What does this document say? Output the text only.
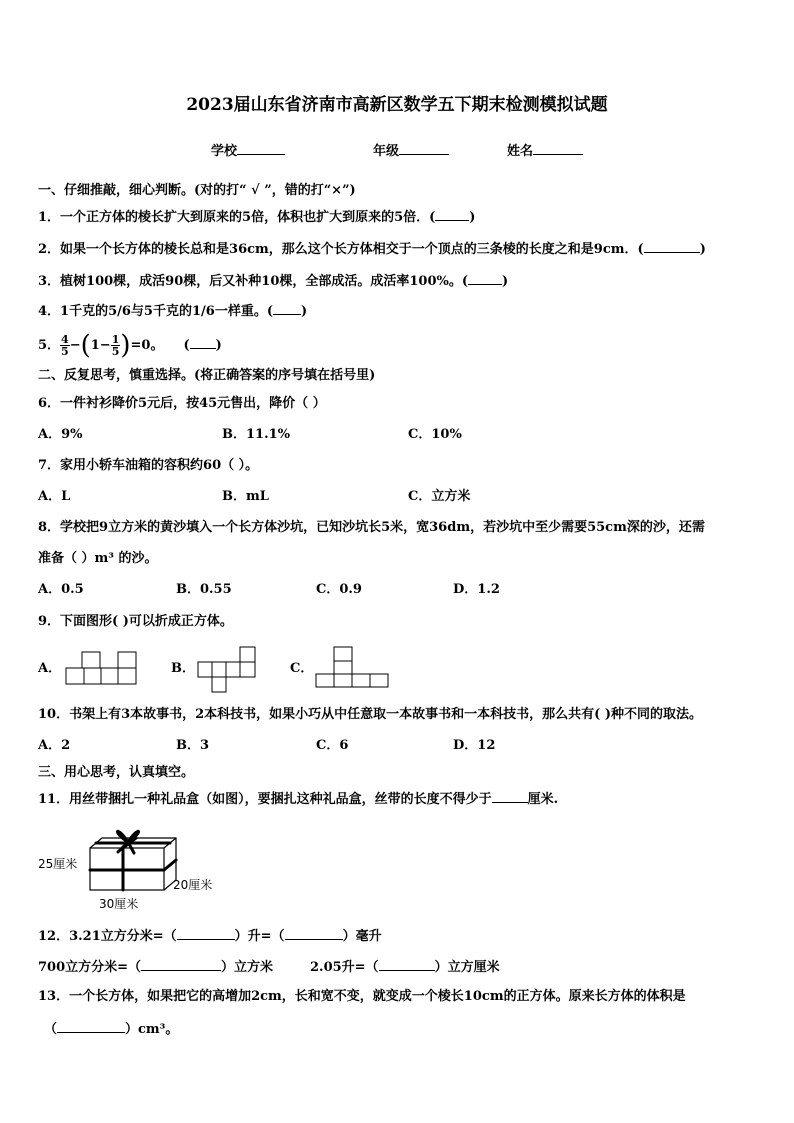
2023届山东省济南市高新区数学五下期末检测模拟试题
学校	年级	姓名
一、仔细推敲，细心判断。(对的打“ √ ”，错的打“×”)
1．一个正方体的棱长扩大到原来的5倍，体积也扩大到原来的5倍．(	)
2．如果一个长方体的棱长总和是36cm，那么这个长方体相交于一个顶点的三条棱的长度之和是9cm．(	)
3．植树100棵，成活90棵，后又补种10棵，全部成活。成活率100%。(	)
4．1千克的5/6与5千克的1/6一样重。( )
5． $\frac{4}{5} -(1- \frac{1}{5} )=0$。 ( )
二、反复思考，慎重选择。(将正确答案的序号填在括号里)
6．一件衬衫降价5元后，按45元售出，降价（ ）
A．9%	B．11.1%	C．10%
7．家用小轿车油箱的容积约60（ ）。
A．L	B．mL	C．立方米
8．学校把9立方米的黄沙填入一个长方体沙坑，已知沙坑长5米，宽36dm，若沙坑中至少需要55cm深的沙，还需
准备（ ）m³ 的沙。
A．0.5	B．0.55	C．0.9	D．1.2
9．下面图形( )可以折成正方体。
A．	B．	C．
10．书架上有3本故事书，2本科技书，如果小巧从中任意取一本故事书和一本科技书，那么共有( )种不同的取法。
A．2	B．3	C．6	D．12
三、用心思考，认真填空。
11．用丝带捆扎一种礼品盒（如图），要捆扎这种礼品盒，丝带的长度不得少于	厘米.
25厘米
20厘米
30厘米
12．3.21立方分米=（	）升=（	）毫升
700立方分米=（	）立方米	2.05升=（	）立方厘米
13．一个长方体，如果把它的高增加2cm，长和宽不变，就变成一个棱长10cm的正方体。原来长方体的体积是
（	）cm³。
